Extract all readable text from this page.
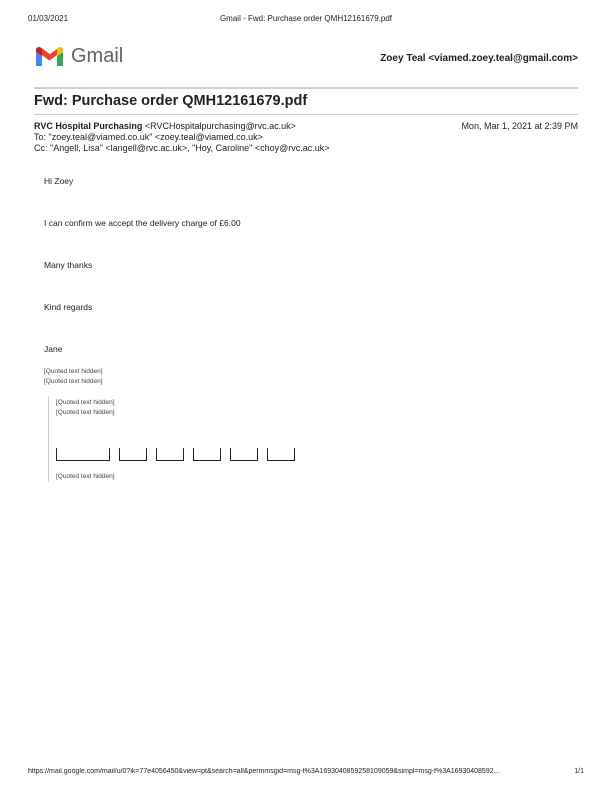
01/03/2021	Gmail - Fwd: Purchase order QMH12161679.pdf
Gmail	Zoey Teal <viamed.zoey.teal@gmail.com>
Fwd: Purchase order QMH12161679.pdf
RVC Hospital Purchasing <RVCHospitalpurchasing@rvc.ac.uk>	Mon, Mar 1, 2021 at 2:39 PM
To: "zoey.teal@viamed.co.uk" <zoey.teal@viamed.co.uk>
Cc: "Angell, Lisa" <langell@rvc.ac.uk>, "Hoy, Caroline" <choy@rvc.ac.uk>
Hi Zoey
I can confirm we accept the delivery charge of £6.00
Many thanks
Kind regards
Jane
[Quoted text hidden]
[Quoted text hidden]
[Quoted text hidden]
[Quoted text hidden]
[Quoted text hidden]
https://mail.google.com/mail/u/0?ik=77e4056450&view=pt&search=all&permmsgid=msg-f%3A1693040859258109059&simpl=msg-f%3A16930408592…	1/1
